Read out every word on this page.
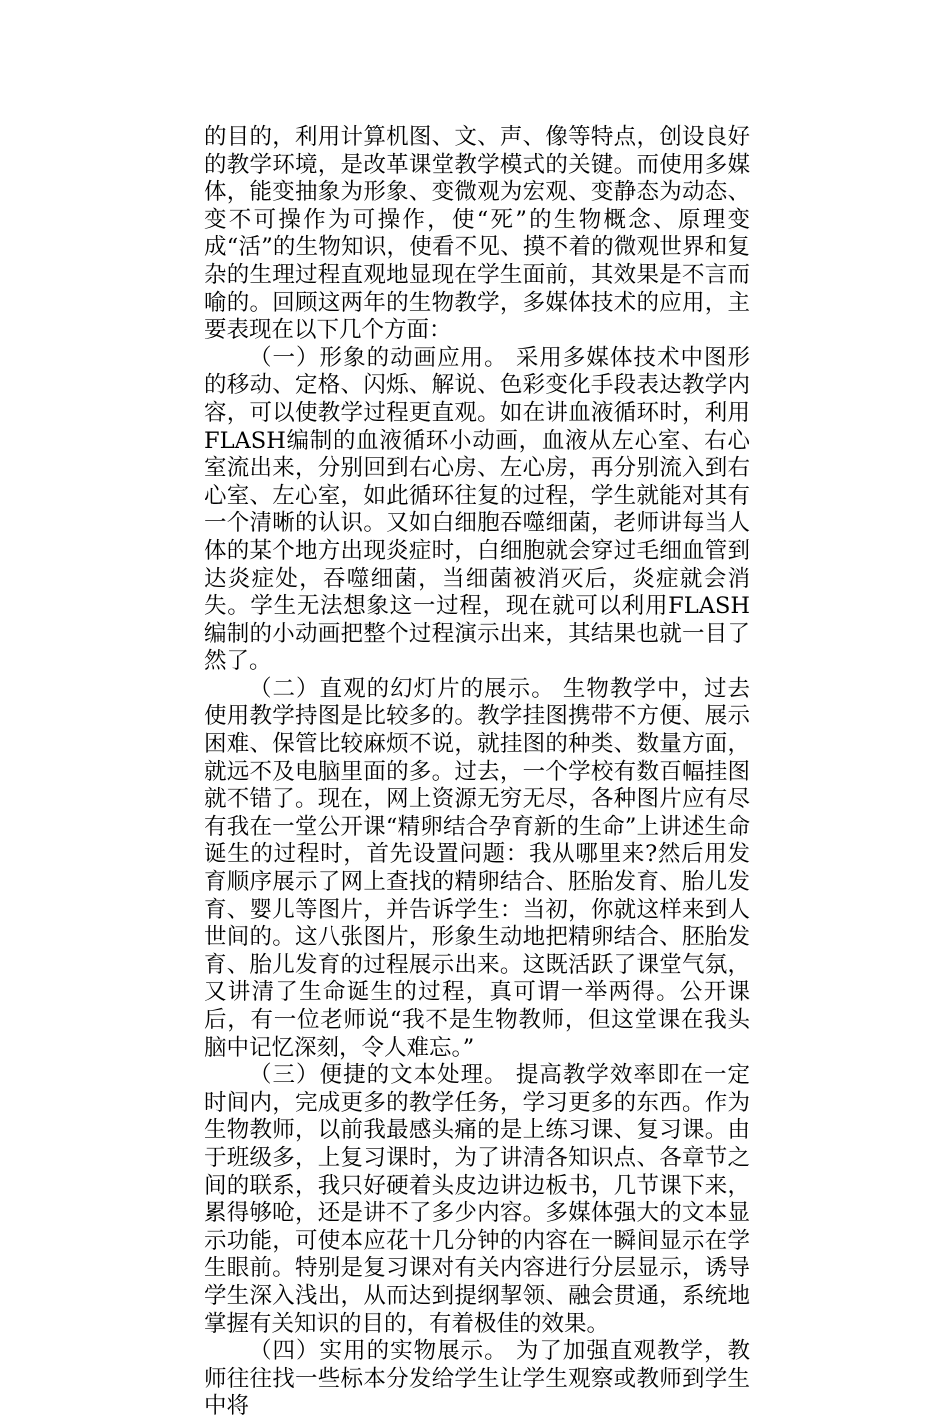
的目的，利用计算机图、文、声、像等特点，创设良好的教学环境，是改革课堂教学模式的关键。而使用多媒体，能变抽象为形象、变微观为宏观、变静态为动态、变不可操作为可操作，使“死”的生物概念、原理变成“活”的生物知识，使看不见、摸不着的微观世界和复杂的生理过程直观地显现在学生面前，其效果是不言而喻的。回顾这两年的生物教学，多媒体技术的应用，主要表现在以下几个方面：

（一）形象的动画应用。 采用多媒体技术中图形的移动、定格、闪烁、解说、色彩变化手段表达教学内容，可以使教学过程更直观。如在讲血液循环时，利用FLASH编制的血液循环小动画，血液从左心室、右心室流出来，分别回到右心房、左心房，再分别流入到右心室、左心室，如此循环往复的过程，学生就能对其有一个清晰的认识。又如白细胞吞噬细菌，老师讲每当人体的某个地方出现炎症时，白细胞就会穿过毛细血管到达炎症处，吞噬细菌，当细菌被消灭后，炎症就会消失。学生无法想象这一过程，现在就可以利用FLASH编制的小动画把整个过程演示出来，其结果也就一目了然了。

（二）直观的幻灯片的展示。 生物教学中，过去使用教学持图是比较多的。教学挂图携带不方便、展示困难、保管比较麻烦不说，就挂图的种类、数量方面，就远不及电脑里面的多。过去，一个学校有数百幅挂图就不错了。现在，网上资源无穷无尽，各种图片应有尽有我在一堂公开课“精卵结合孕育新的生命”上讲述生命诞生的过程时，首先设置问题：我从哪里来?然后用发育顺序展示了网上查找的精卵结合、胚胎发育、胎儿发育、婴儿等图片，并告诉学生：当初，你就这样来到人世间的。这八张图片，形象生动地把精卵结合、胚胎发育、胎儿发育的过程展示出来。这既活跃了课堂气氛，又讲清了生命诞生的过程，真可谓一举两得。公开课后，有一位老师说“我不是生物教师，但这堂课在我头脑中记忆深刻，令人难忘。”

（三）便捷的文本处理。 提高教学效率即在一定时间内，完成更多的教学任务，学习更多的东西。作为生物教师，以前我最感头痛的是上练习课、复习课。由于班级多，上复习课时，为了讲清各知识点、各章节之间的联系，我只好硬着头皮边讲边板书，几节课下来，累得够呛，还是讲不了多少内容。多媒体强大的文本显示功能，可使本应花十几分钟的内容在一瞬间显示在学生眼前。特别是复习课对有关内容进行分层显示，诱导学生深入浅出，从而达到提纲挈领、融会贯通，系统地掌握有关知识的目的，有着极佳的效果。

（四）实用的实物展示。 为了加强直观教学，教师往往找一些标本分发给学生让学生观察或教师到学生中将
